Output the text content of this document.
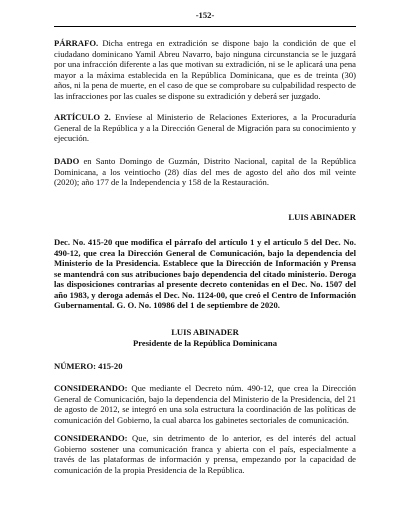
-152-

PÁRRAFO. Dicha entrega en extradición se dispone bajo la condición de que el ciudadano dominicano Yamil Abreu Navarro, bajo ninguna circunstancia se le juzgará por una infracción diferente a las que motivan su extradición, ni se le aplicará una pena mayor a la máxima establecida en la República Dominicana, que es de treinta (30) años, ni la pena de muerte, en el caso de que se comprobare su culpabilidad respecto de las infracciones por las cuales se dispone su extradición y deberá ser juzgado.

ARTÍCULO 2. Envíese al Ministerio de Relaciones Exteriores, a la Procuraduría General de la República y a la Dirección General de Migración para su conocimiento y ejecución.

DADO en Santo Domingo de Guzmán, Distrito Nacional, capital de la República Dominicana, a los veintiocho (28) días del mes de agosto del año dos mil veinte (2020); año 177 de la Independencia y 158 de la Restauración.

LUIS ABINADER

Dec. No. 415-20 que modifica el párrafo del artículo 1 y el artículo 5 del Dec. No. 490-12, que crea la Dirección General de Comunicación, bajo la dependencia del Ministerio de la Presidencia. Establece que la Dirección de Información y Prensa se mantendrá con sus atribuciones bajo dependencia del citado ministerio. Deroga las disposiciones contrarias al presente decreto contenidas en el Dec. No. 1507 del año 1983, y deroga además el Dec. No. 1124-00, que creó el Centro de Información Gubernamental. G. O. No. 10986 del 1 de septiembre de 2020.

LUIS ABINADER

Presidente de la República Dominicana

NÚMERO: 415-20

CONSIDERANDO: Que mediante el Decreto núm. 490-12, que crea la Dirección General de Comunicación, bajo la dependencia del Ministerio de la Presidencia, del 21 de agosto de 2012, se integró en una sola estructura la coordinación de las políticas de comunicación del Gobierno, la cual abarca los gabinetes sectoriales de comunicación.

CONSIDERANDO: Que, sin detrimento de lo anterior, es del interés del actual Gobierno sostener una comunicación franca y abierta con el país, especialmente a través de las plataformas de información y prensa, empezando por la capacidad de comunicación de la propia Presidencia de la República.
